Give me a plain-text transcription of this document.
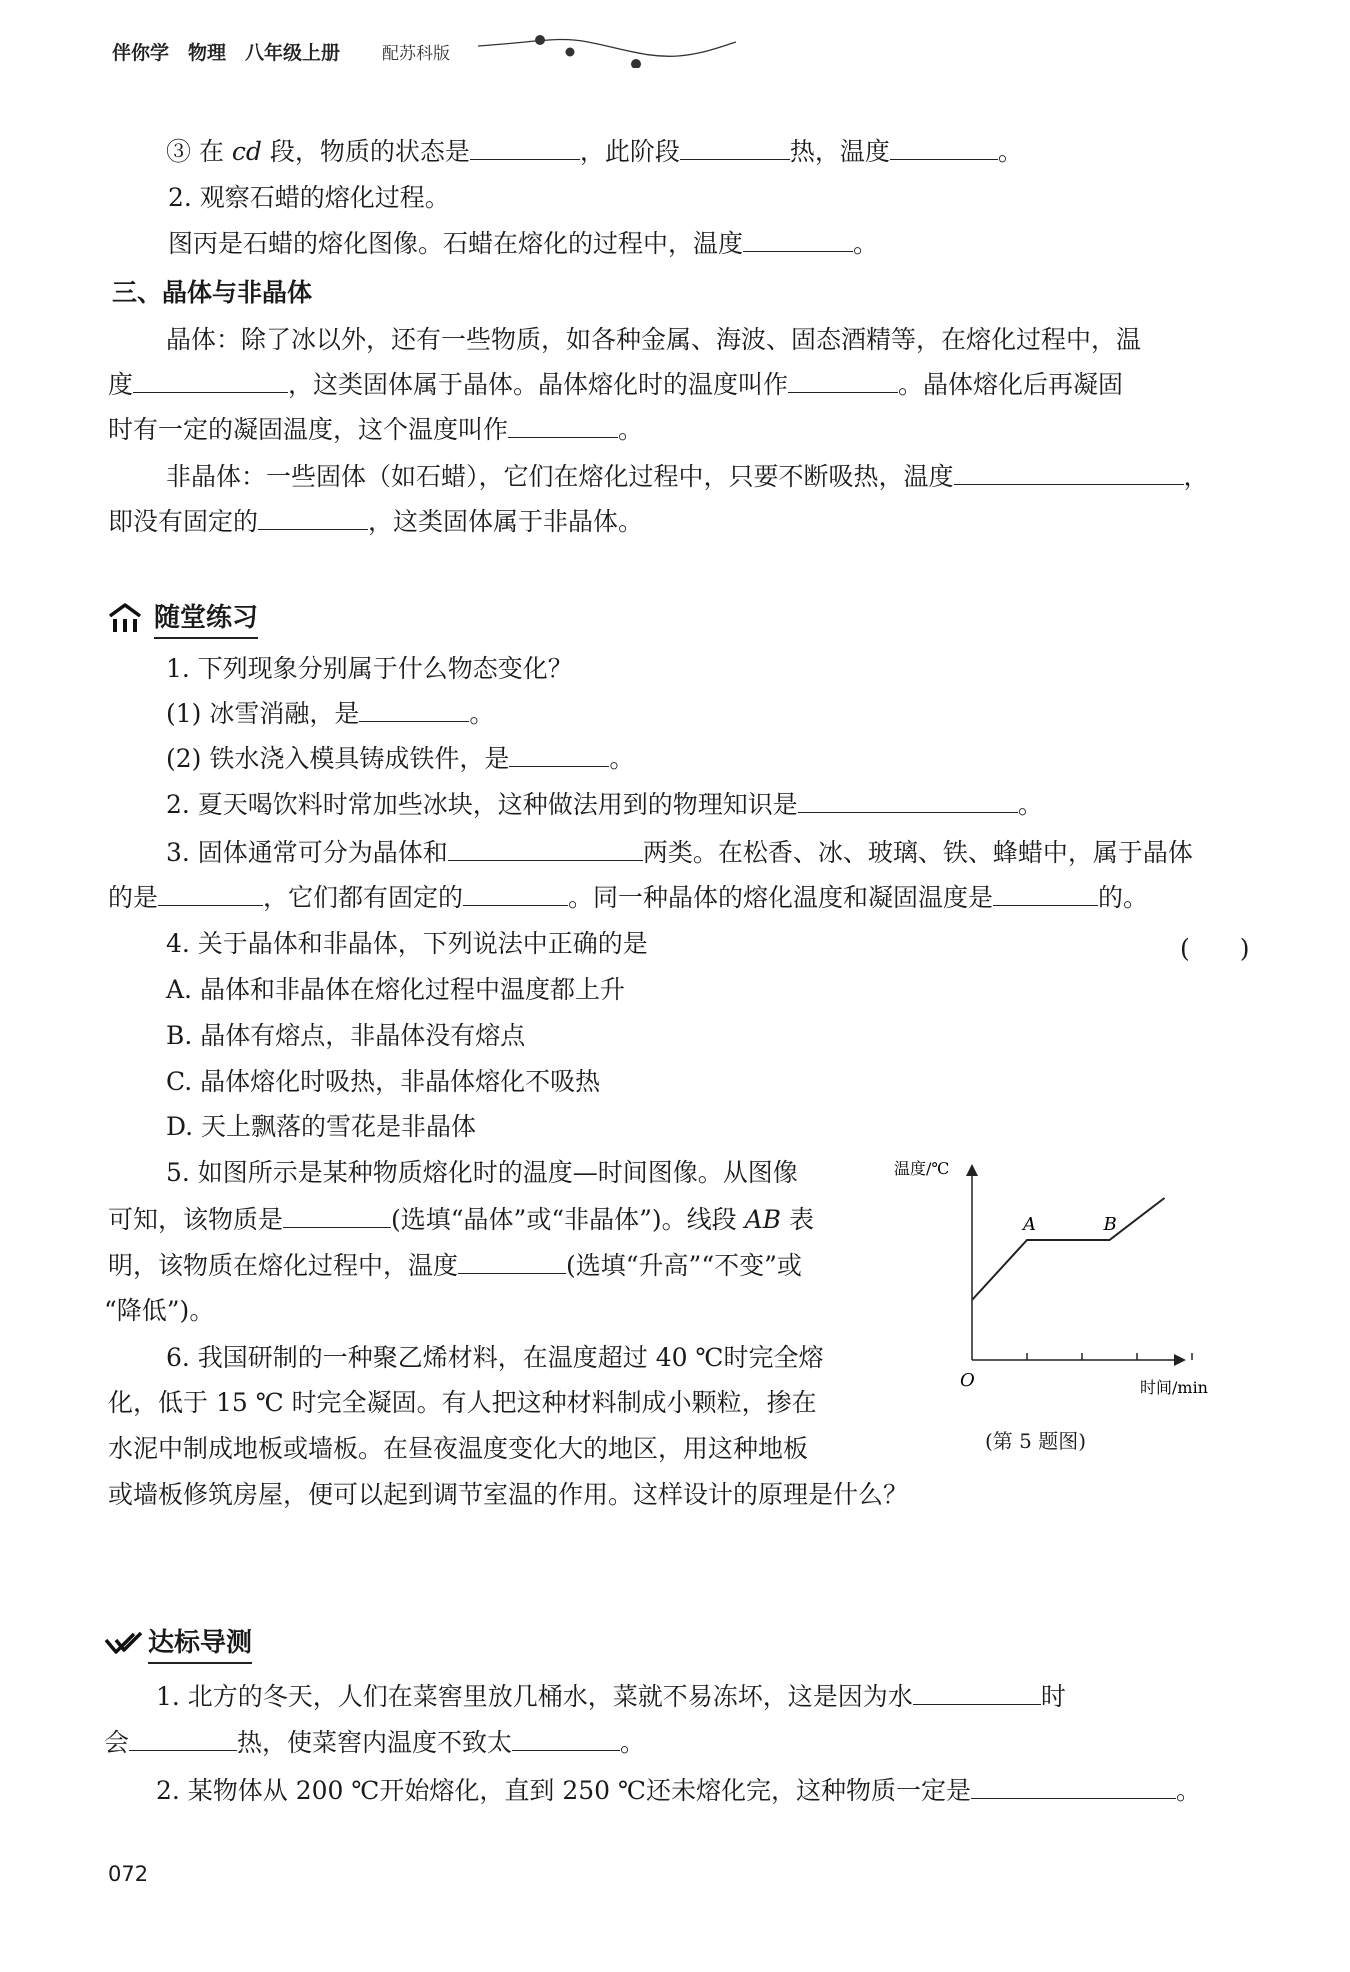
伴你学　物理　八年级上册 配苏科版
③ 在 cd 段，物质的状态是	，此阶段	热，温度	。
2. 观察石蜡的熔化过程。
图丙是石蜡的熔化图像。石蜡在熔化的过程中，温度	。
三、晶体与非晶体
晶体：除了冰以外，还有一些物质，如各种金属、海波、固态酒精等，在熔化过程中，温
度	，这类固体属于晶体。晶体熔化时的温度叫作	。晶体熔化后再凝固
时有一定的凝固温度，这个温度叫作	。
非晶体：一些固体（如石蜡），它们在熔化过程中，只要不断吸热，温度	，
即没有固定的	，这类固体属于非晶体。
随堂练习
1. 下列现象分别属于什么物态变化？
(1) 冰雪消融，是	。
(2) 铁水浇入模具铸成铁件，是	。
2. 夏天喝饮料时常加些冰块，这种做法用到的物理知识是	。
3. 固体通常可分为晶体和	两类。在松香、冰、玻璃、铁、蜂蜡中，属于晶体
的是	，它们都有固定的	。同一种晶体的熔化温度和凝固温度是	的。
4. 关于晶体和非晶体，下列说法中正确的是	(　　)
A. 晶体和非晶体在熔化过程中温度都上升
B. 晶体有熔点，非晶体没有熔点
C. 晶体熔化时吸热，非晶体熔化不吸热
D. 天上飘落的雪花是非晶体
5. 如图所示是某种物质熔化时的温度—时间图像。从图像
可知，该物质是	(选填“晶体”或“非晶体”)。线段 AB 表
明，该物质在熔化过程中，温度	(选填“升高”“不变”或
“降低”)。
6. 我国研制的一种聚乙烯材料，在温度超过 40 ℃时完全熔
化，低于 15 ℃ 时完全凝固。有人把这种材料制成小颗粒，掺在
水泥中制成地板或墙板。在昼夜温度变化大的地区，用这种地板
或墙板修筑房屋，便可以起到调节室温的作用。这样设计的原理是什么？
温度/℃
时间/min
O
A	B
(第 5 题图)
达标导测
1. 北方的冬天，人们在菜窖里放几桶水，菜就不易冻坏，这是因为水	时
会	热，使菜窖内温度不致太	。
2. 某物体从 200 ℃开始熔化，直到 250 ℃还未熔化完，这种物质一定是	。
072
